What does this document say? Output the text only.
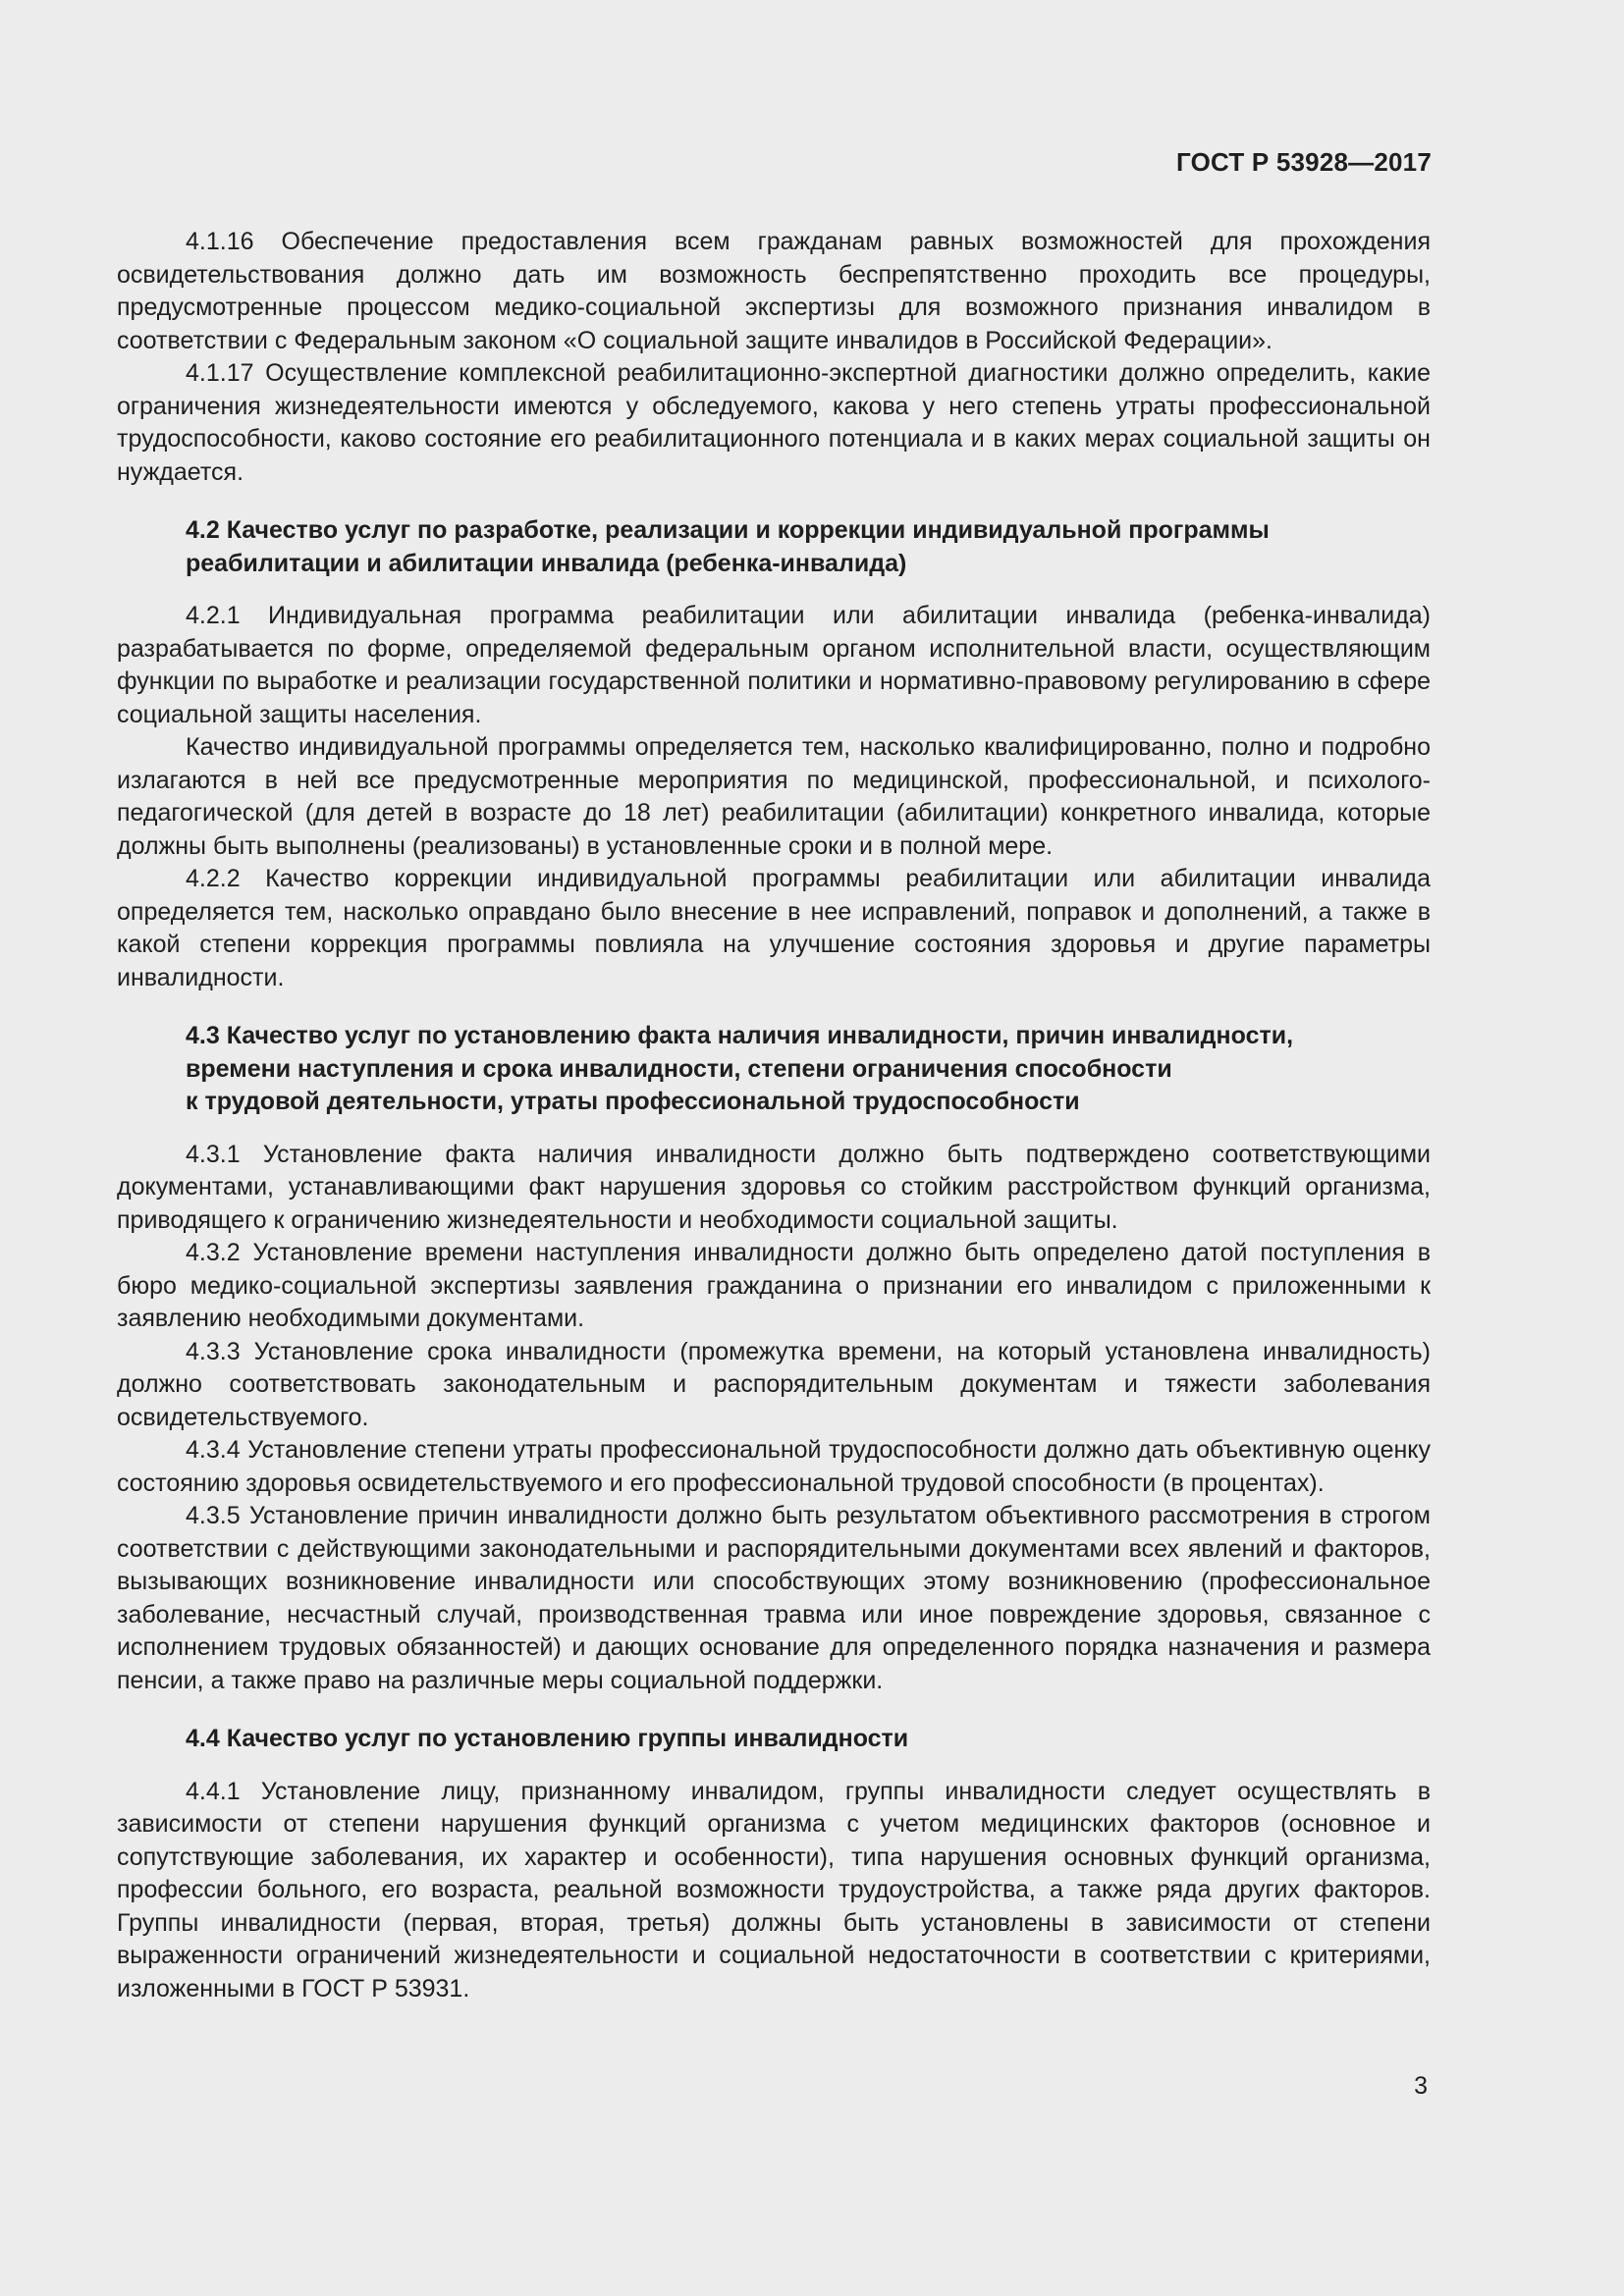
ГОСТ Р 53928—2017

4.1.16 Обеспечение предоставления всем гражданам равных возможностей для прохождения освидетельствования должно дать им возможность беспрепятственно проходить все процедуры, предусмотренные процессом медико-социальной экспертизы для возможного признания инвалидом в соответствии с Федеральным законом «О социальной защите инвалидов в Российской Федерации».

4.1.17 Осуществление комплексной реабилитационно-экспертной диагностики должно определить, какие ограничения жизнедеятельности имеются у обследуемого, какова у него степень утраты профессиональной трудоспособности, каково состояние его реабилитационного потенциала и в каких мерах социальной защиты он нуждается.

4.2 Качество услуг по разработке, реализации и коррекции индивидуальной программы реабилитации и абилитации инвалида (ребенка-инвалида)

4.2.1 Индивидуальная программа реабилитации или абилитации инвалида (ребенка-инвалида) разрабатывается по форме, определяемой федеральным органом исполнительной власти, осуществляющим функции по выработке и реализации государственной политики и нормативно-правовому регулированию в сфере социальной защиты населения.

Качество индивидуальной программы определяется тем, насколько квалифицированно, полно и подробно излагаются в ней все предусмотренные мероприятия по медицинской, профессиональной, и психолого-педагогической (для детей в возрасте до 18 лет) реабилитации (абилитации) конкретного инвалида, которые должны быть выполнены (реализованы) в установленные сроки и в полной мере.

4.2.2 Качество коррекции индивидуальной программы реабилитации или абилитации инвалида определяется тем, насколько оправдано было внесение в нее исправлений, поправок и дополнений, а также в какой степени коррекция программы повлияла на улучшение состояния здоровья и другие параметры инвалидности.

4.3 Качество услуг по установлению факта наличия инвалидности, причин инвалидности,
времени наступления и срока инвалидности, степени ограничения способности
к трудовой деятельности, утраты профессиональной трудоспособности

4.3.1 Установление факта наличия инвалидности должно быть подтверждено соответствующими документами, устанавливающими факт нарушения здоровья со стойким расстройством функций организма, приводящего к ограничению жизнедеятельности и необходимости социальной защиты.

4.3.2 Установление времени наступления инвалидности должно быть определено датой поступления в бюро медико-социальной экспертизы заявления гражданина о признании его инвалидом с приложенными к заявлению необходимыми документами.

4.3.3 Установление срока инвалидности (промежутка времени, на который установлена инвалидность) должно соответствовать законодательным и распорядительным документам и тяжести заболевания освидетельствуемого.

4.3.4 Установление степени утраты профессиональной трудоспособности должно дать объективную оценку состоянию здоровья освидетельствуемого и его профессиональной трудовой способности (в процентах).

4.3.5 Установление причин инвалидности должно быть результатом объективного рассмотрения в строгом соответствии с действующими законодательными и распорядительными документами всех явлений и факторов, вызывающих возникновение инвалидности или способствующих этому возникновению (профессиональное заболевание, несчастный случай, производственная травма или иное повреждение здоровья, связанное с исполнением трудовых обязанностей) и дающих основание для определенного порядка назначения и размера пенсии, а также право на различные меры социальной поддержки.

4.4 Качество услуг по установлению группы инвалидности

4.4.1 Установление лицу, признанному инвалидом, группы инвалидности следует осуществлять в зависимости от степени нарушения функций организма с учетом медицинских факторов (основное и сопутствующие заболевания, их характер и особенности), типа нарушения основных функций организма, профессии больного, его возраста, реальной возможности трудоустройства, а также ряда других факторов. Группы инвалидности (первая, вторая, третья) должны быть установлены в зависимости от степени выраженности ограничений жизнедеятельности и социальной недостаточности в соответствии с критериями, изложенными в ГОСТ Р 53931.

3
